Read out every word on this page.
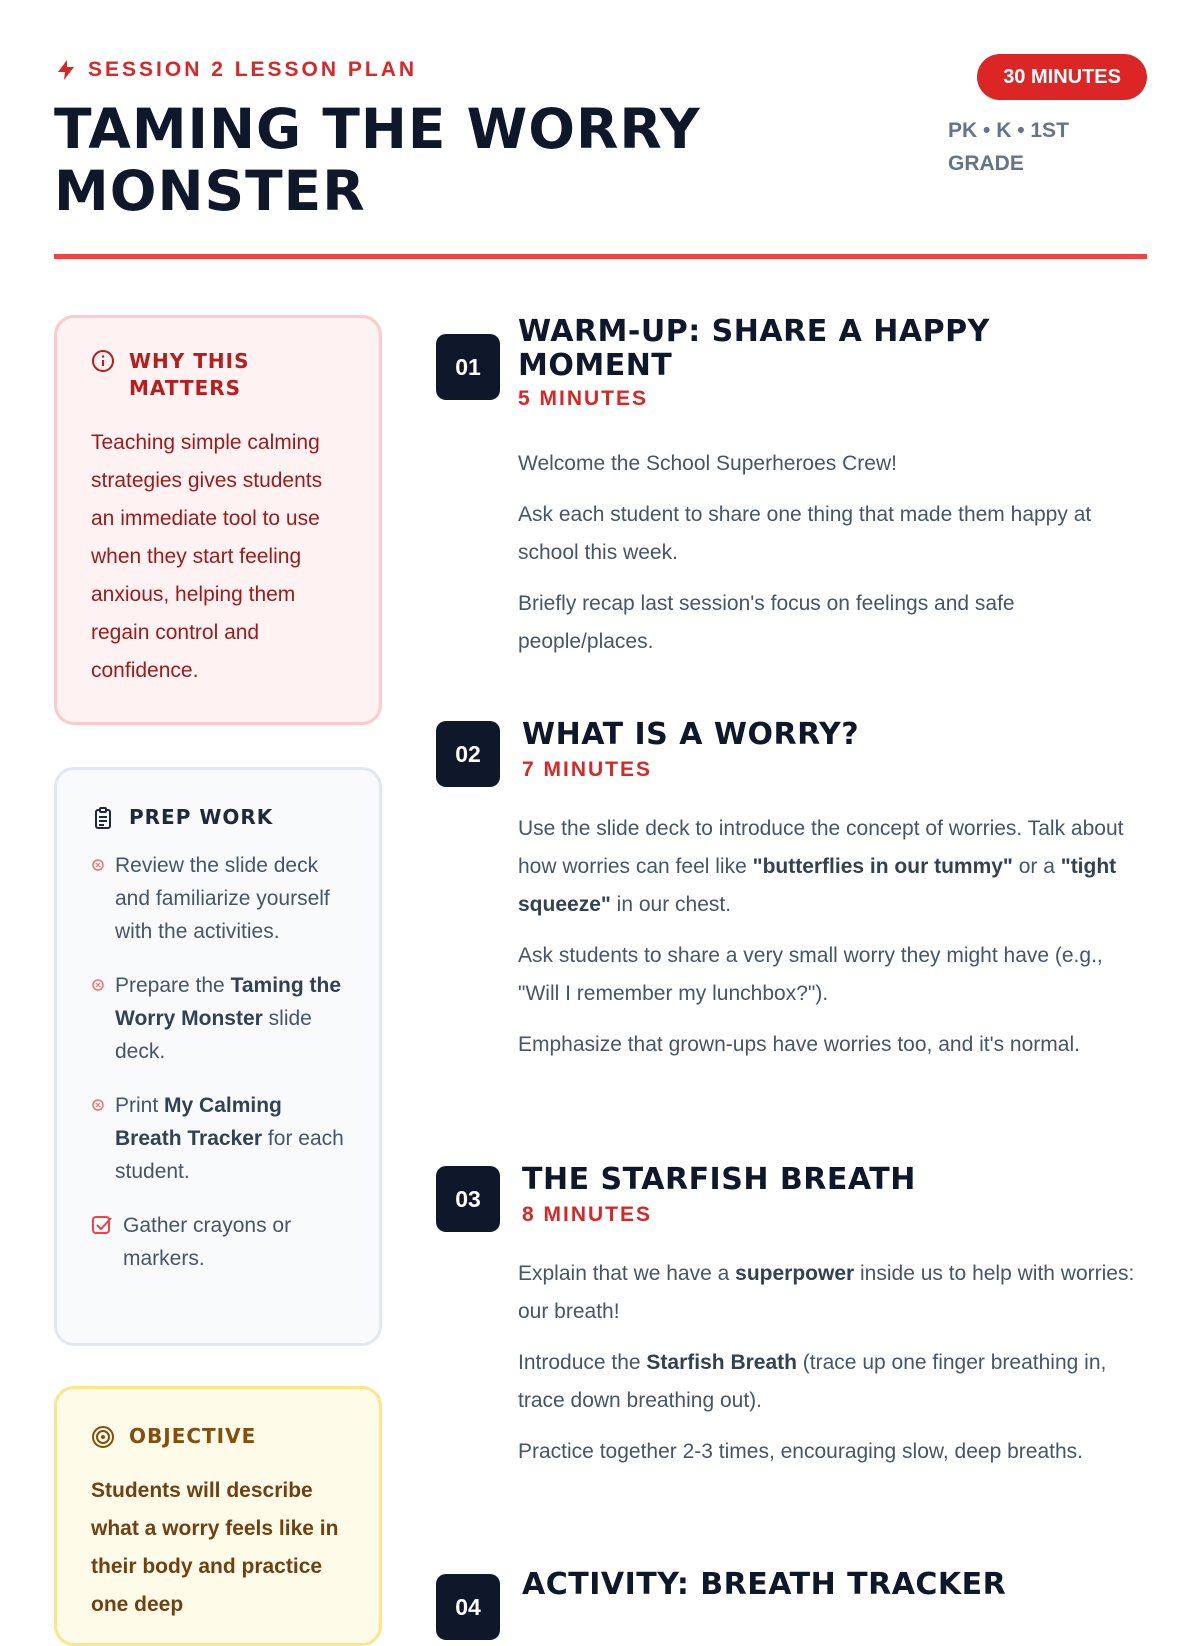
SESSION 2 LESSON PLAN
TAMING THE WORRY MONSTER
30 MINUTES
PK • K • 1ST GRADE
WHY THIS MATTERS

Teaching simple calming strategies gives students an immediate tool to use when they start feeling anxious, helping them regain control and confidence.

PREP WORK
Review the slide deck and familiarize yourself with the activities.
Prepare the Taming the Worry Monster slide deck.
Print My Calming Breath Tracker for each student.
Gather crayons or markers.
OBJECTIVE

Students will describe what a worry feels like in their body and practice one deep

01
WARM-UP: SHARE A HAPPY MOMENT
5 MINUTES

Welcome the School Superheroes Crew!

Ask each student to share one thing that made them happy at school this week.

Briefly recap last session's focus on feelings and safe people/places.

02
WHAT IS A WORRY?
7 MINUTES

Use the slide deck to introduce the concept of worries. Talk about how worries can feel like "butterflies in our tummy" or a "tight squeeze" in our chest.

Ask students to share a very small worry they might have (e.g., "Will I remember my lunchbox?").

Emphasize that grown-ups have worries too, and it's normal.

03
THE STARFISH BREATH
8 MINUTES

Explain that we have a superpower inside us to help with worries: our breath!

Introduce the Starfish Breath (trace up one finger breathing in, trace down breathing out).

Practice together 2-3 times, encouraging slow, deep breaths.

04
ACTIVITY: BREATH TRACKER
